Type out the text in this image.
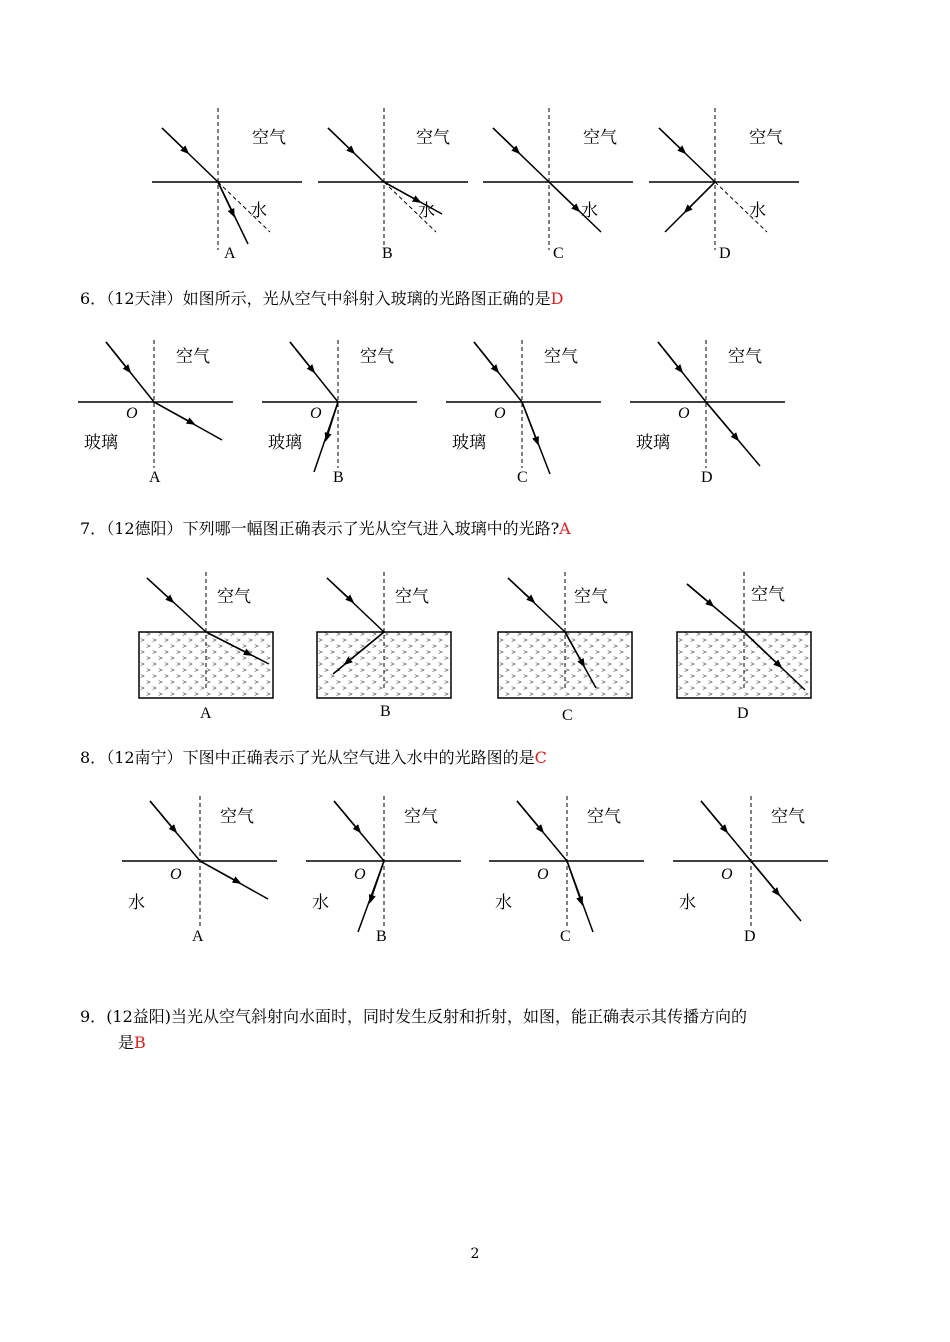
空气
水
A
空气
水
B
空气
水
C
空气
水
D
空气
O
玻璃
A
空气
O
玻璃
B
空气
O
玻璃
C
空气
O
玻璃
D
空气
A
空气
B
空气
C
空气
D
空气
O
水
A
空气
O
水
B
空气
O
水
C
空气
O
水
D
6．（12天津）如图所示，光从空气中斜射入玻璃的光路图正确的是D
7．（12德阳）下列哪一幅图正确表示了光从空气进入玻璃中的光路?A
8．（12南宁）下图中正确表示了光从空气进入水中的光路图的是C
9．(12益阳)当光从空气斜射向水面时，同时发生反射和折射，如图，能正确表示其传播方向的
是B
2
